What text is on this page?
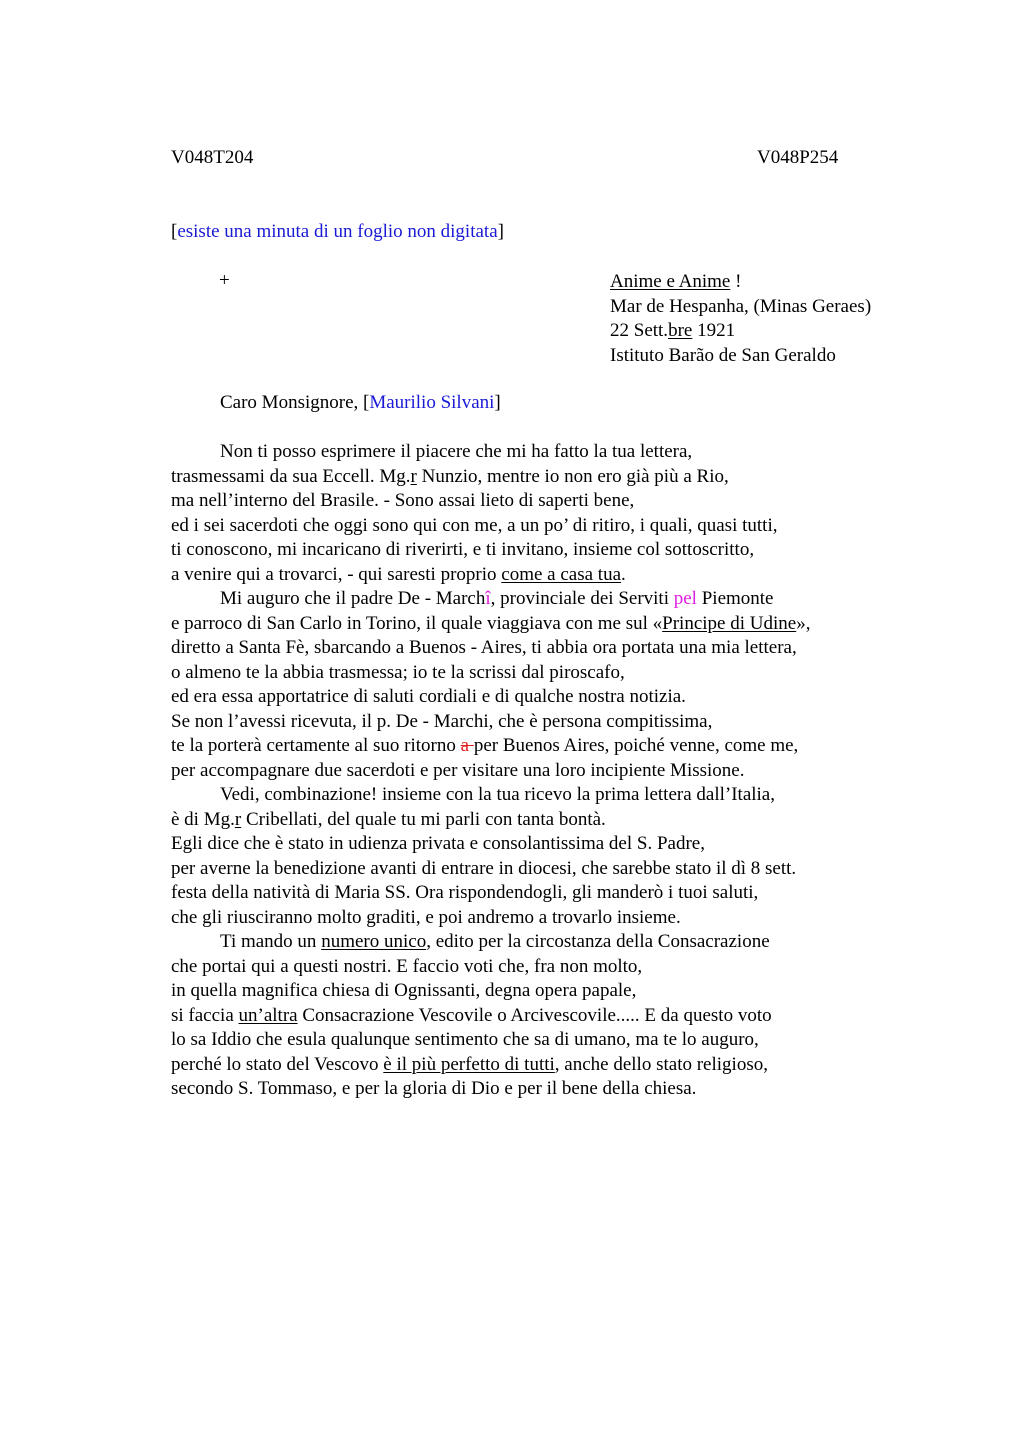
V048T204	V048P254
[esiste una minuta di un foglio non digitata]
+	Anime e Anime !
Mar de Hespanha, (Minas Geraes)
22 Sett.bre 1921
Istituto Barão de San Geraldo
Caro Monsignore, [Maurilio Silvani]
Non ti posso esprimere il piacere che mi ha fatto la tua lettera,
trasmessami da sua Eccell. Mg.r Nunzio, mentre io non ero già più a Rio,
ma nell’interno del Brasile. - Sono assai lieto di saperti bene,
ed i sei sacerdoti che oggi sono qui con me, a un po’ di ritiro, i quali, quasi tutti,
ti conoscono, mi incaricano di riverirti, e ti invitano, insieme col sottoscritto,
a venire qui a trovarci, - qui saresti proprio come a casa tua.
Mi auguro che il padre De - Marchî, provinciale dei Serviti pel Piemonte
e parroco di San Carlo in Torino, il quale viaggiava con me sul «Principe di Udine»,
diretto a Santa Fè, sbarcando a Buenos - Aires, ti abbia ora portata una mia lettera,
o almeno te la abbia trasmessa; io te la scrissi dal piroscafo,
ed era essa apportatrice di saluti cordiali e di qualche nostra notizia.
Se non l’avessi ricevuta, il p. De - Marchi, che è persona compitissima,
te la porterà certamente al suo ritorno a per Buenos Aires, poiché venne, come me,
per accompagnare due sacerdoti e per visitare una loro incipiente Missione.
Vedi, combinazione! insieme con la tua ricevo la prima lettera dall’Italia,
è di Mg.r Cribellati, del quale tu mi parli con tanta bontà.
Egli dice che è stato in udienza privata e consolantissima del S. Padre,
per averne la benedizione avanti di entrare in diocesi, che sarebbe stato il dì 8 sett.
festa della natività di Maria SS. Ora rispondendogli, gli manderò i tuoi saluti,
che gli riusciranno molto graditi, e poi andremo a trovarlo insieme.
Ti mando un numero unico, edito per la circostanza della Consacrazione
che portai qui a questi nostri. E faccio voti che, fra non molto,
in quella magnifica chiesa di Ognissanti, degna opera papale,
si faccia un’altra Consacrazione Vescovile o Arcivescovile..... E da questo voto
lo sa Iddio che esula qualunque sentimento che sa di umano, ma te lo auguro,
perché lo stato del Vescovo è il più perfetto di tutti, anche dello stato religioso,
secondo S. Tommaso, e per la gloria di Dio e per il bene della chiesa.
